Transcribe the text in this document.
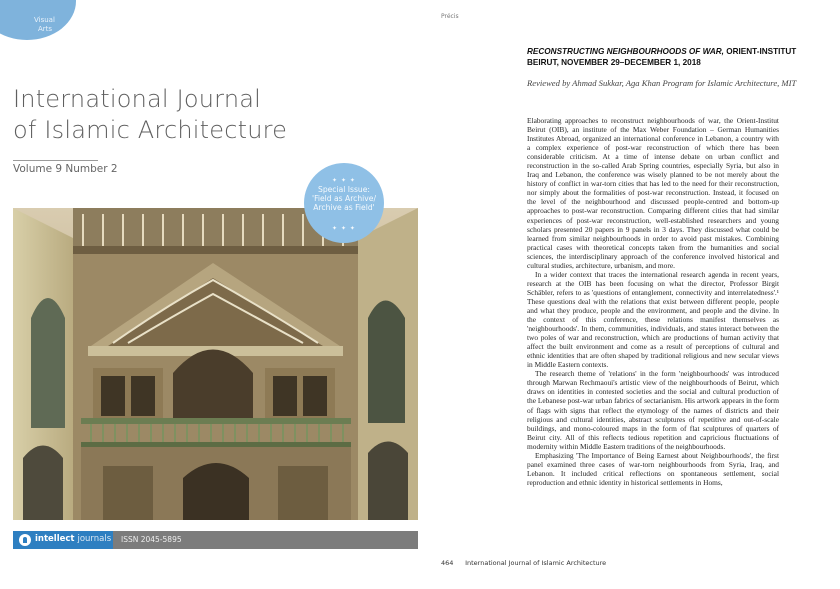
Visual
Arts
International Journal
of Islamic Architecture
Volume 9 Number 2
✦ ✦ ✦
Special Issue: 'Field as Archive/ Archive as Field'
✦ ✦ ✦
intellect journals ISSN 2045-5895
Précis
RECONSTRUCTING NEIGHBOURHOODS OF WAR, ORIENT-INSTITUT BEIRUT, NOVEMBER 29–DECEMBER 1, 2018
Reviewed by Ahmad Sukkar, Aga Khan Program for Islamic Architecture, MIT

Elaborating approaches to reconstruct neighbourhoods of war, the Orient-Institut Beirut (OIB), an institute of the Max Weber Foundation – German Humanities Institutes Abroad, organized an international conference in Lebanon, a country with a complex experience of post-war reconstruction of which there has been considerable criticism. At a time of intense debate on urban conflict and reconstruction in the so-called Arab Spring countries, especially Syria, but also in Iraq and Lebanon, the conference was wisely planned to be not merely about the history of conflict in war-torn cities that has led to the need for their reconstruction, nor simply about the formalities of post-war reconstruction. Instead, it focused on the level of the neighbourhood and discussed people-centred and bottom-up approaches to post-war reconstruction. Comparing different cities that had similar experiences of post-war reconstruction, well-established researchers and young scholars presented 20 papers in 9 panels in 3 days. They discussed what could be learned from similar neighbourhoods in order to avoid past mistakes. Combining practical cases with theoretical concepts taken from the humanities and social sciences, the interdisciplinary approach of the conference involved historical and cultural studies, architecture, urbanism, and more.

In a wider context that traces the international research agenda in recent years, research at the OIB has been focusing on what the director, Professor Birgit Schäbler, refers to as 'questions of entanglement, connectivity and interrelatedness'.¹ These questions deal with the relations that exist between different people, people and what they produce, people and the environment, and people and the divine. In the context of this conference, these relations manifest themselves as 'neighbourhoods'. In them, communities, individuals, and states interact between the two poles of war and reconstruction, which are productions of human activity that affect the built environment and come as a result of perceptions of cultural and ethnic identities that are often shaped by traditional religious and new secular views in Middle Eastern contexts.

The research theme of 'relations' in the form 'neighbourhoods' was introduced through Marwan Rechmaoui's artistic view of the neighbourhoods of Beirut, which draws on identities in contested societies and the social and cultural production of the Lebanese post-war urban fabrics of sectarianism. His artwork appears in the form of flags with signs that reflect the etymology of the names of districts and their religious and cultural identities, abstract sculptures of repetitive and out-of-scale buildings, and mono-coloured maps in the form of flat sculptures of quarters of Beirut city. All of this reflects tedious repetition and capricious fluctuations of modernity within Middle Eastern traditions of the neighbourhoods.

Emphasizing 'The Importance of Being Earnest about Neighbourhoods', the first panel examined three cases of war-torn neighbourhoods from Syria, Iraq, and Lebanon. It included critical reflections on spontaneous settlement, social reproduction and ethnic identity in historical settlements in Homs,

464 International Journal of Islamic Architecture
